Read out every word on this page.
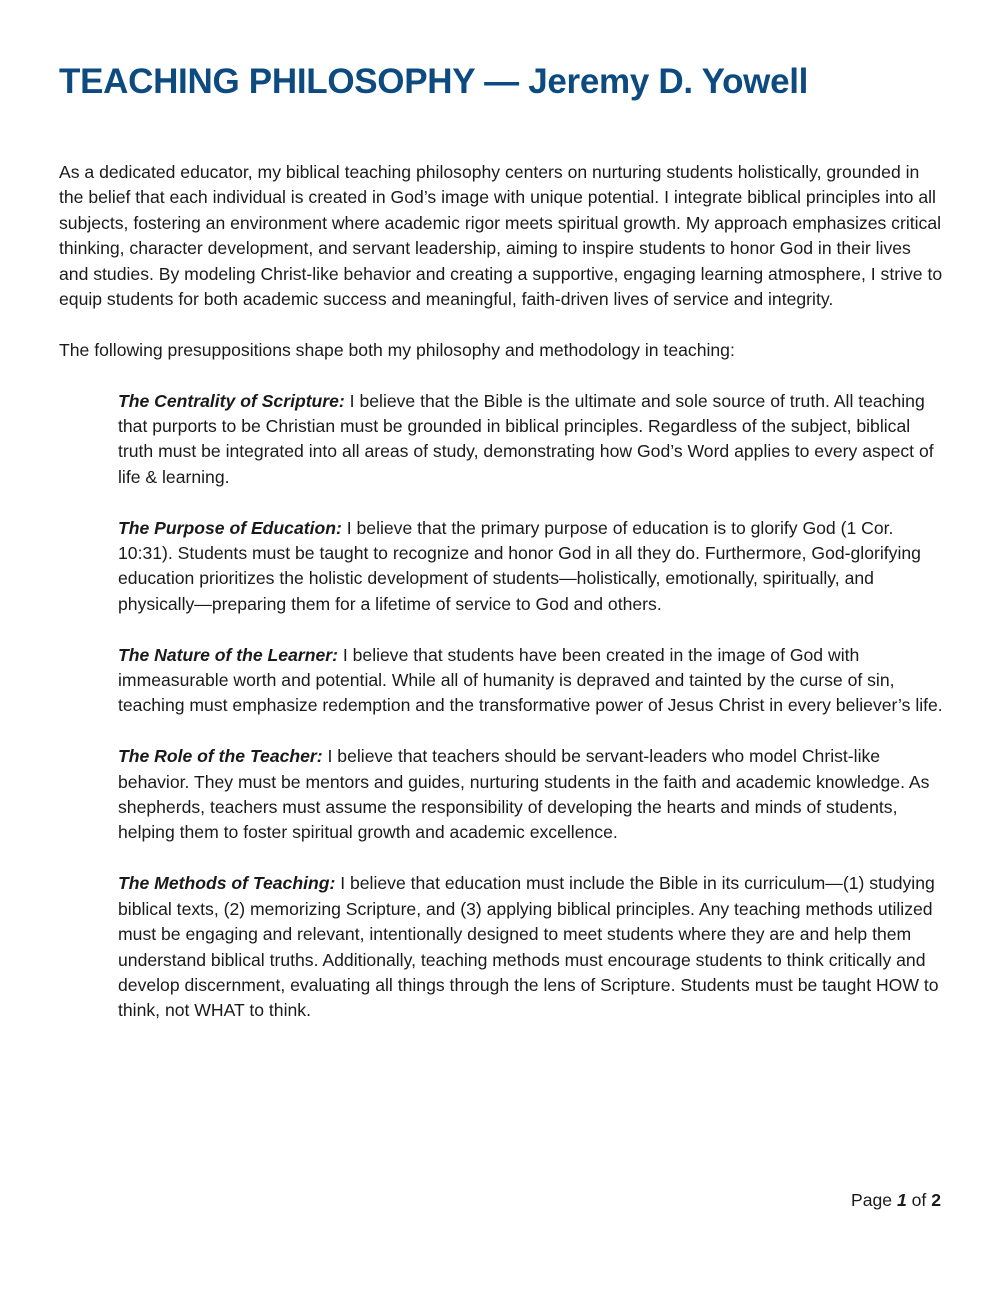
TEACHING PHILOSOPHY — Jeremy D. Yowell

As a dedicated educator, my biblical teaching philosophy centers on nurturing students holistically, grounded in the belief that each individual is created in God’s image with unique potential. I integrate biblical principles into all subjects, fostering an environment where academic rigor meets spiritual growth. My approach emphasizes critical thinking, character development, and servant leadership, aiming to inspire students to honor God in their lives and studies. By modeling Christ-like behavior and creating a supportive, engaging learning atmosphere, I strive to equip students for both academic success and meaningful, faith-driven lives of service and integrity.

The following presuppositions shape both my philosophy and methodology in teaching:

The Centrality of Scripture: I believe that the Bible is the ultimate and sole source of truth. All teaching that purports to be Christian must be grounded in biblical principles. Regardless of the subject, biblical truth must be integrated into all areas of study, demonstrating how God’s Word applies to every aspect of life & learning.

The Purpose of Education: I believe that the primary purpose of education is to glorify God (1 Cor. 10:31). Students must be taught to recognize and honor God in all they do. Furthermore, God-glorifying education prioritizes the holistic development of students—holistically, emotionally, spiritually, and physically—preparing them for a lifetime of service to God and others.

The Nature of the Learner: I believe that students have been created in the image of God with immeasurable worth and potential. While all of humanity is depraved and tainted by the curse of sin, teaching must emphasize redemption and the transformative power of Jesus Christ in every believer’s life.

The Role of the Teacher: I believe that teachers should be servant-leaders who model Christ-like behavior. They must be mentors and guides, nurturing students in the faith and academic knowledge. As shepherds, teachers must assume the responsibility of developing the hearts and minds of students, helping them to foster spiritual growth and academic excellence.

The Methods of Teaching: I believe that education must include the Bible in its curriculum—(1) studying biblical texts, (2) memorizing Scripture, and (3) applying biblical principles. Any teaching methods utilized must be engaging and relevant, intentionally designed to meet students where they are and help them understand biblical truths. Additionally, teaching methods must encourage students to think critically and develop discernment, evaluating all things through the lens of Scripture. Students must be taught HOW to think, not WHAT to think.

Page 1 of 2
